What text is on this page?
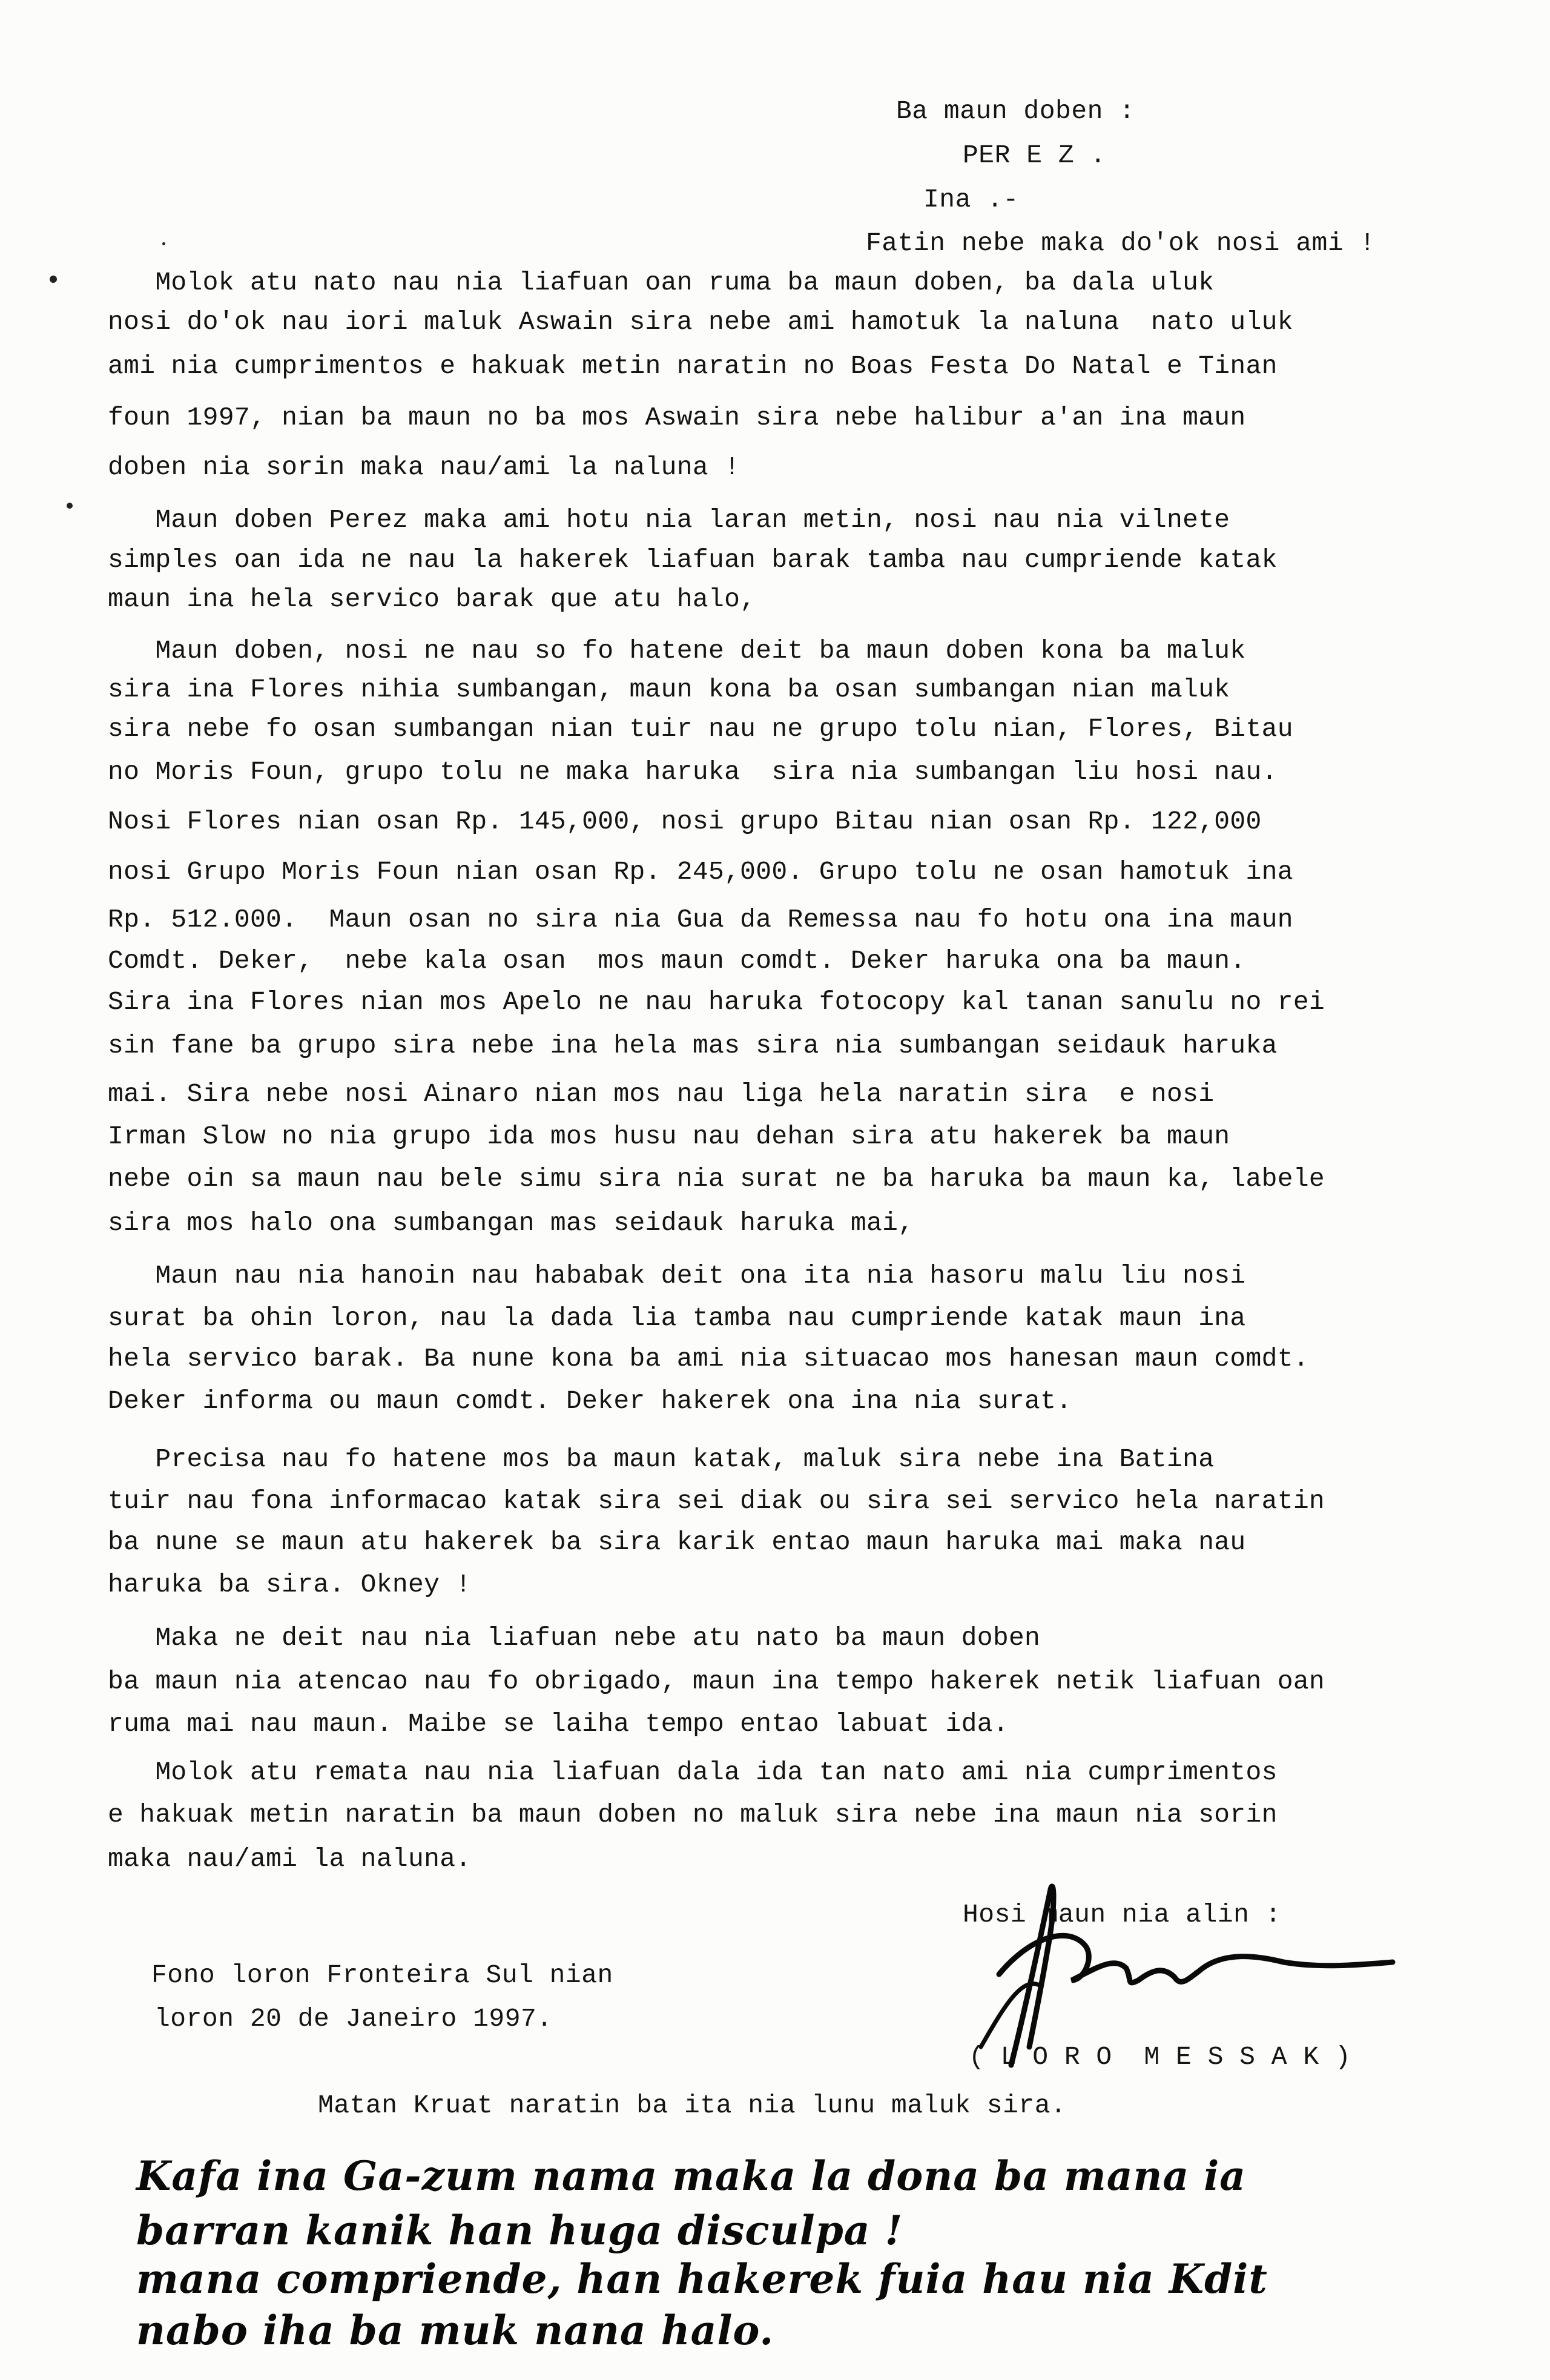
Ba maun doben :
PER E Z .
Ina .-
Fatin nebe maka do'ok nosi ami !
Molok atu nato nau nia liafuan oan ruma ba maun doben, ba dala uluk
nosi do'ok nau iori maluk Aswain sira nebe ami hamotuk la naluna  nato uluk
ami nia cumprimentos e hakuak metin naratin no Boas Festa Do Natal e Tinan
foun 1997, nian ba maun no ba mos Aswain sira nebe halibur a'an ina maun
doben nia sorin maka nau/ami la naluna !
Maun doben Perez maka ami hotu nia laran metin, nosi nau nia vilnete
simples oan ida ne nau la hakerek liafuan barak tamba nau cumpriende katak
maun ina hela servico barak que atu halo,
Maun doben, nosi ne nau so fo hatene deit ba maun doben kona ba maluk
sira ina Flores nihia sumbangan, maun kona ba osan sumbangan nian maluk
sira nebe fo osan sumbangan nian tuir nau ne grupo tolu nian, Flores, Bitau
no Moris Foun, grupo tolu ne maka haruka  sira nia sumbangan liu hosi nau.
Nosi Flores nian osan Rp. 145,000, nosi grupo Bitau nian osan Rp. 122,000
nosi Grupo Moris Foun nian osan Rp. 245,000. Grupo tolu ne osan hamotuk ina
Rp. 512.000.  Maun osan no sira nia Gua da Remessa nau fo hotu ona ina maun
Comdt. Deker,  nebe kala osan  mos maun comdt. Deker haruka ona ba maun.
Sira ina Flores nian mos Apelo ne nau haruka fotocopy kal tanan sanulu no rei
sin fane ba grupo sira nebe ina hela mas sira nia sumbangan seidauk haruka
mai. Sira nebe nosi Ainaro nian mos nau liga hela naratin sira  e nosi
Irman Slow no nia grupo ida mos husu nau dehan sira atu hakerek ba maun
nebe oin sa maun nau bele simu sira nia surat ne ba haruka ba maun ka, labele
sira mos halo ona sumbangan mas seidauk haruka mai,
Maun nau nia hanoin nau hababak deit ona ita nia hasoru malu liu nosi
surat ba ohin loron, nau la dada lia tamba nau cumpriende katak maun ina
hela servico barak. Ba nune kona ba ami nia situacao mos hanesan maun comdt.
Deker informa ou maun comdt. Deker hakerek ona ina nia surat.
Precisa nau fo hatene mos ba maun katak, maluk sira nebe ina Batina
tuir nau fona informacao katak sira sei diak ou sira sei servico hela naratin
ba nune se maun atu hakerek ba sira karik entao maun haruka mai maka nau
haruka ba sira. Okney !
Maka ne deit nau nia liafuan nebe atu nato ba maun doben
ba maun nia atencao nau fo obrigado, maun ina tempo hakerek netik liafuan oan
ruma mai nau maun. Maibe se laiha tempo entao labuat ida.
Molok atu remata nau nia liafuan dala ida tan nato ami nia cumprimentos
e hakuak metin naratin ba maun doben no maluk sira nebe ina maun nia sorin
maka nau/ami la naluna.
Hosi maun nia alin :
Fono loron Fronteira Sul nian
loron 20 de Janeiro 1997.
( L O R O  M E S S A K )
Matan Kruat naratin ba ita nia lunu maluk sira.
Kafa ina Ga-zum nama maka la dona ba mana ia
barran kanik han huga disculpa !
mana compriende, han hakerek fuia hau nia Kdit
nabo iha ba muk nana halo.
